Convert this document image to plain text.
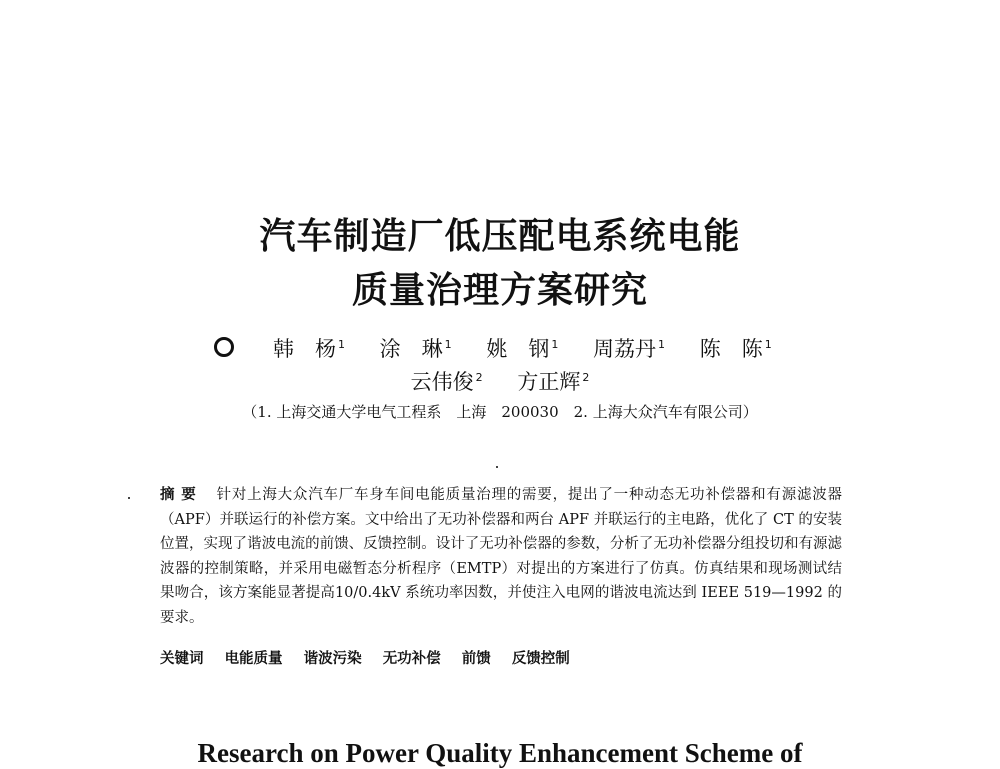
汽车制造厂低压配电系统电能
质量治理方案研究
韩　杨 $^1$ 涂　琳 $^1$ 姚　钢 $^1$ 周荔丹 $^1$ 陈　陈 $^1$
云伟俊 $^2$ 方正辉 $^2$
（1. 上海交通大学电气工程系　上海　200030　2. 上海大众汽车有限公司）
摘要 针对上海大众汽车厂车身车间电能质量治理的需要，提出了一种动态无功补偿器和有源滤波器（APF）并联运行的补偿方案。文中给出了无功补偿器和两台 APF 并联运行的主电路，优化了 CT 的安装位置，实现了谐波电流的前馈、反馈控制。设计了无功补偿器的参数，分析了无功补偿器分组投切和有源滤波器的控制策略，并采用电磁暂态分析程序（EMTP）对提出的方案进行了仿真。仿真结果和现场测试结果吻合，该方案能显著提高10/0.4kV 系统功率因数，并使注入电网的谐波电流达到 IEEE 519—1992 的要求。
关键词 电能质量 谐波污染 无功补偿 前馈 反馈控制
Research on Power Quality Enhancement Scheme of
